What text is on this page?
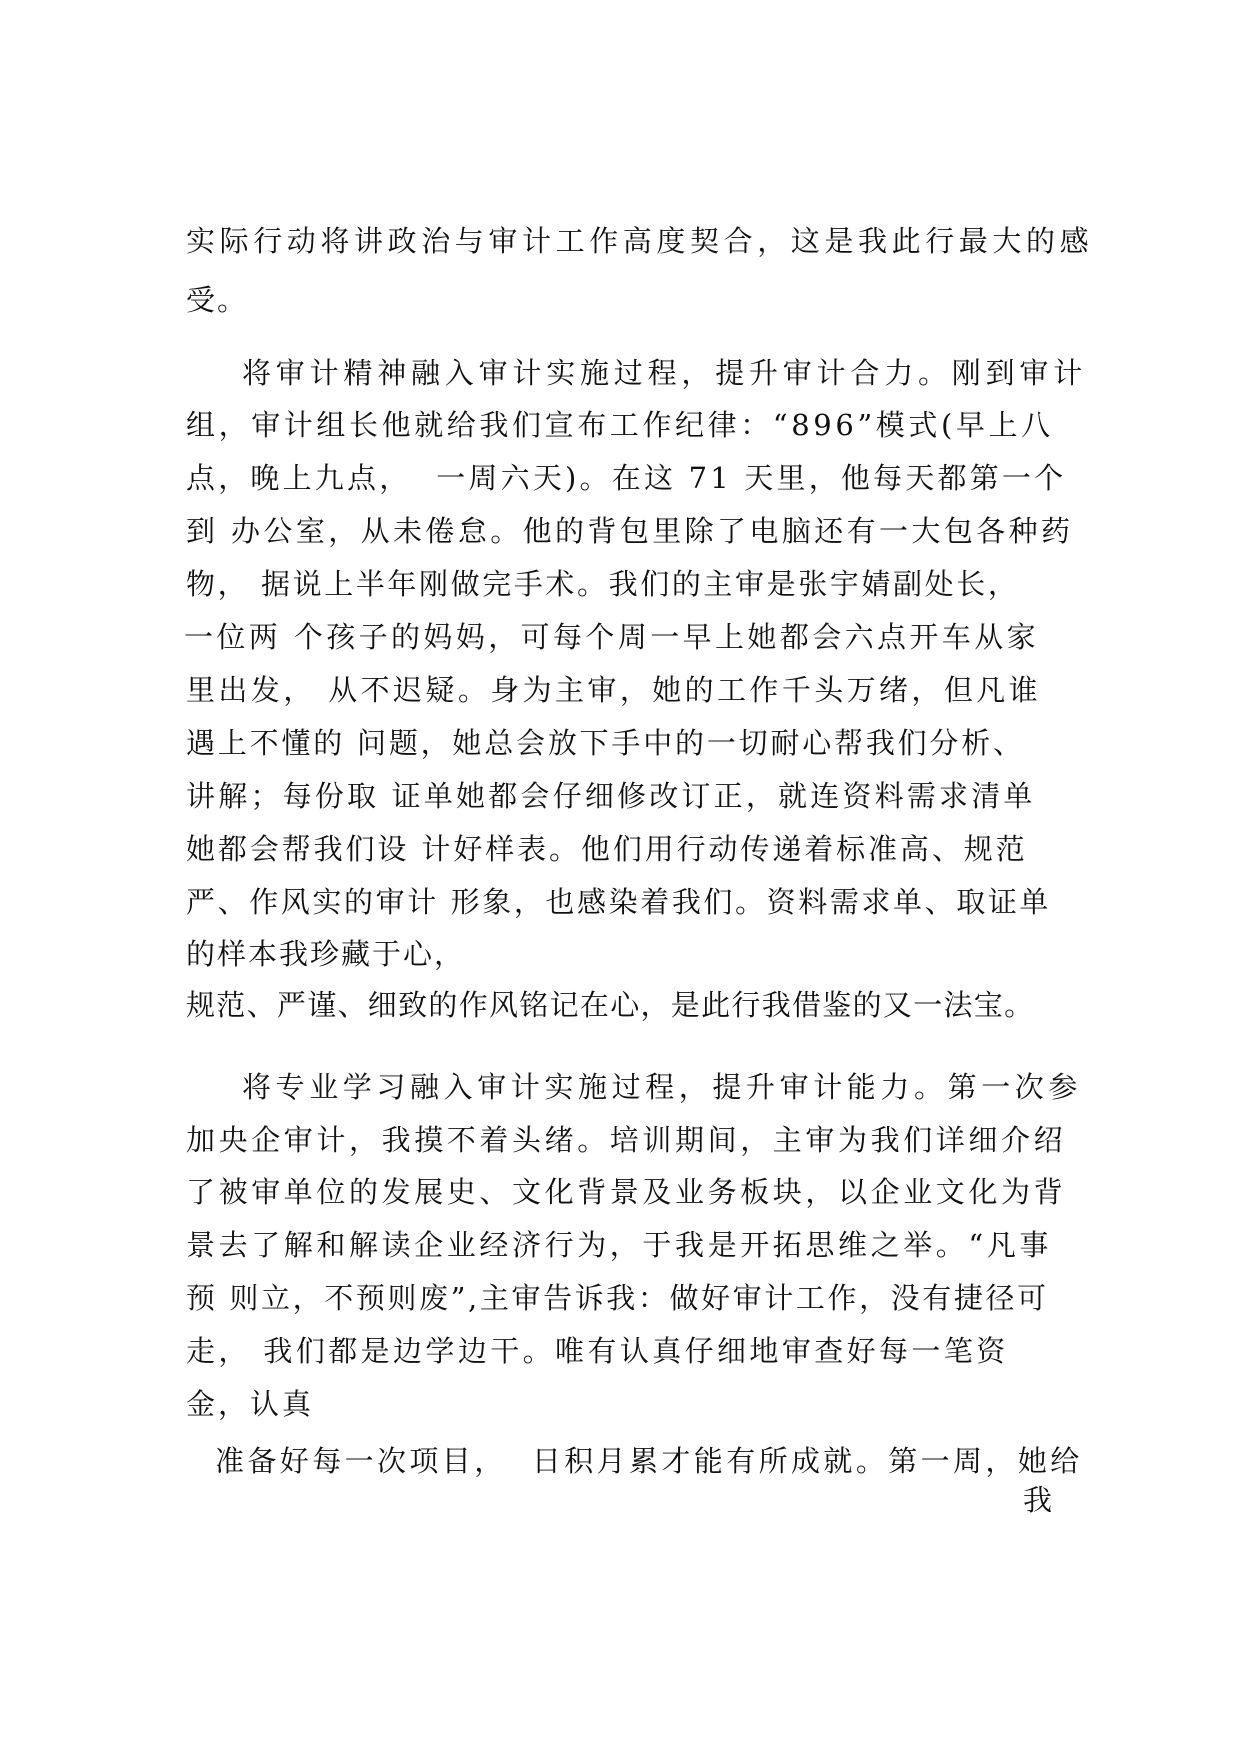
实际行动将讲政治与审计工作高度契合，这是我此行最大的感
受。
将审计精神融入审计实施过程，提升审计合力。刚到审计
组，审计组长他就给我们宣布工作纪律：“896”模式(早上八
点，晚上九点，  一周六天)。在这 71 天里，他每天都第一个
到 办公室，从未倦怠。他的背包里除了电脑还有一大包各种药
物， 据说上半年刚做完手术。我们的主审是张宇婧副处长，
一位两 个孩子的妈妈，可每个周一早上她都会六点开车从家
里出发， 从不迟疑。身为主审，她的工作千头万绪，但凡谁
遇上不懂的 问题，她总会放下手中的一切耐心帮我们分析、
讲解；每份取 证单她都会仔细修改订正，就连资料需求清单
她都会帮我们设 计好样表。他们用行动传递着标准高、规范
严、作风实的审计 形象，也感染着我们。资料需求单、取证单
的样本我珍藏于心，
规范、严谨、细致的作风铭记在心，是此行我借鉴的又一法宝。
将专业学习融入审计实施过程，提升审计能力。第一次参
加央企审计，我摸不着头绪。培训期间，主审为我们详细介绍
了被审单位的发展史、文化背景及业务板块，以企业文化为背
景去了解和解读企业经济行为，于我是开拓思维之举。“凡事
预 则立，不预则废”,主审告诉我：做好审计工作，没有捷径可
走， 我们都是边学边干。唯有认真仔细地审查好每一笔资
金，认真
准备好每一次项目，  日积月累才能有所成就。第一周，她给
我
